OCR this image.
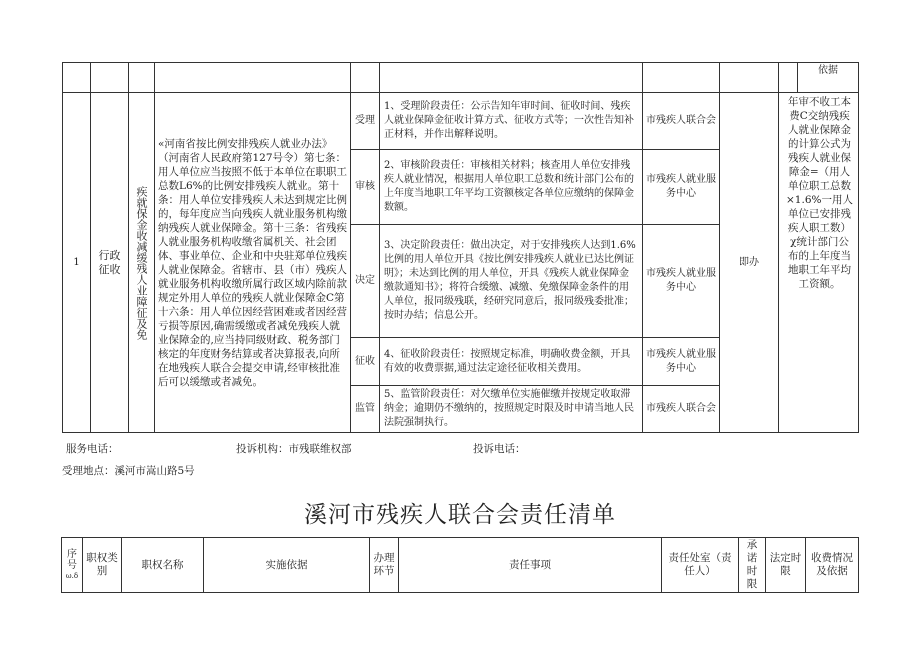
									依据
1	行政征收	疾就保金收减缓残人业障征及免	«河南省按比例安排残疾人就业办法》（河南省人民政府第127号令）第七条：用人单位应当按照不低于本单位在职职工总数L6%的比例安排残疾人就业。第十条：用人单位安排残疾人未达到规定比例的，每年度应当向残疾人就业服务机构缴纳残疾人就业保障金。第十三条：省残疾人就业服务机构收缴省属机关、社会团体、事业单位、企业和中央驻郑单位残疾人就业保障金。省辖市、县（市）残疾人就业服务机构收缴所属行政区域内除前款规定外用人单位的残疾人就业保障金C第十六条：用人单位因经营困难或者因经营亏损等原因,确需缓缴或者减免残疾人就业保障金的,应当持同级财政、税务部门核定的年度财务结算或者决算报表,向所在地残疾人联合会提交申请,经审核批准后可以缓缴或者减免。	受理	1、受理阶段责任：公示告知年审时间、征收时间、残疾人就业保障金征收计算方式、征收方式等；一次性告知补正材料，并作出解释说明。	市残疾人联合会	即办	年审不收工本费C交纳残疾人就业保障金的计算公式为残疾人就业保障金=（用人单位职工总数×1.6%一用人单位已安排残疾人职工数）χ统计部门公布的上年度当地职工年平均工资额。	
				审核	2、审核阶段责任：审核相关材料；核查用人单位安排残疾人就业情况，根据用人单位职工总数和统计部门公布的上年度当地职工年平均工资额核定各单位应缴纳的保障金数额。	市残疾人就业服务中心			
				决定	3、决定阶段责任：做出决定，对于安排残疾人达到1.6%比例的用人单位开具《按比例安排残疾人就业已达比例证明》；未达到比例的用人单位，开具《残疾人就业保障金缴款通知书》；将符合缓缴、减缴、免缴保障金条件的用人单位，报同级残联，经研究同意后，报同级残委批准；按时办结；信息公开。	市残疾人就业服务中心			
				征收	4、征收阶段责任：按照规定标准，明确收费金额，开具有效的收费票据,通过法定途径征收相关费用。	市残疾人就业服务中心			
				监管	5、监管阶段责任：对欠缴单位实施催缴并按规定收取滞纳金；逾期仍不缴纳的，按照规定时限及时申请当地人民法院强制执行。	市残疾人联合会			
服务电话：	投诉机构：市残联维权部	投诉电话：
受理地点：溪河市嵩山路5号
溪河市残疾人联合会责任清单
序号
ω.δ
	职权类别	职权名称	实施依据	办理环节	责任事项	责任处室（责任人）	承诺时限	法定时限	收费情况及依据
